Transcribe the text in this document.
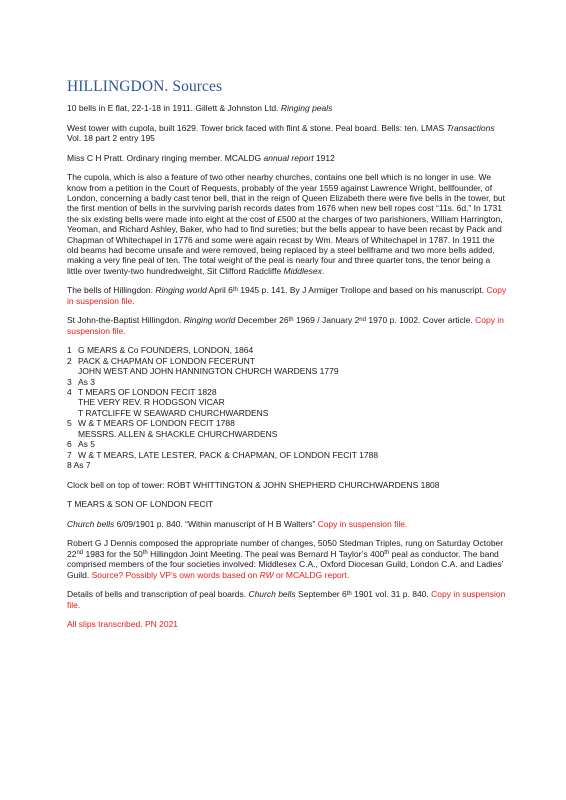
HILLINGDON. Sources

10 bells in E flat, 22-1-18 in 1911. Gillett & Johnston Ltd. Ringing peals

West tower with cupola, built 1629. Tower brick faced with flint & stone. Peal board. Bells: ten. LMAS Transactions Vol. 18 part 2 entry 195

Miss C H Pratt. Ordinary ringing member. MCALDG annual report 1912

The cupola, which is also a feature of two other nearby churches, contains one bell which is no longer in use. We know from a petition in the Court of Requests, probably of the year 1559 against Lawrence Wright, bellfounder, of London, concerning a badly cast tenor bell, that in the reign of Queen Elizabeth there were five bells in the tower, but the first mention of bells in the surviving parish records dates from 1676 when new bell ropes cost “11s. 6d.” In 1731 the six existing bells were made into eight at the cost of £500 at the charges of two parishioners, William Harrington, Yeoman, and Richard Ashley, Baker, who had to find sureties; but the bells appear to have been recast by Pack and Chapman of Whitechapel in 1776 and some were again recast by Wm. Mears of Whitechapel in 1787. In 1911 the old beams had become unsafe and were removed, being replaced by a steel bellframe and two more bells added, making a very fine peal of ten. The total weight of the peal is nearly four and three quarter tons, the tenor being a little over twenty-two hundredweight, Sit Clifford Radcliffe Middlesex.

The bells of Hillingdon. Ringing world April 6th 1945 p. 141. By J Armiger Trollope and based on his manuscript. Copy in suspension file.

St John-the-Baptist Hillingdon. Ringing world December 26th 1969 / January 2nd 1970 p. 1002. Cover article. Copy in suspension file.

1 G MEARS & Co FOUNDERS, LONDON, 1864
2 PACK & CHAPMAN OF LONDON FECERUNT
JOHN WEST AND JOHN HANNINGTON CHURCH WARDENS 1779
3 As 3
4 T MEARS OF LONDON FECIT 1828
THE VERY REV. R HODGSON VICAR
T RATCLIFFE W SEAWARD CHURCHWARDENS
5 W & T MEARS OF LONDON FECIT 1788
MESSRS. ALLEN & SHACKLE CHURCHWARDENS
6 As 5
7 W & T MEARS, LATE LESTER, PACK & CHAPMAN, OF LONDON FECIT 1788

8 As 7

Clock bell on top of tower: ROBT WHITTINGTON & JOHN SHEPHERD CHURCHWARDENS 1808

T MEARS & SON OF LONDON FECIT

Church bells 6/09/1901 p. 840. “Within manuscript of H B Walters” Copy in suspension file.

Robert G J Dennis composed the appropriate number of changes, 5050 Stedman Triples, rung on Saturday October 22nd 1983 for the 50th Hillingdon Joint Meeting. The peal was Bernard H Taylor’s 400th peal as conductor. The band comprised members of the four societies involved: Middlesex C.A., Oxford Diocesan Guild, London C.A. and Ladies’ Guild. Source? Possibly VP’s own words based on RW or MCALDG report.

Details of bells and transcription of peal boards. Church bells September 6th 1901 vol. 31 p. 840. Copy in suspension file.

All slips transcribed. PN 2021
